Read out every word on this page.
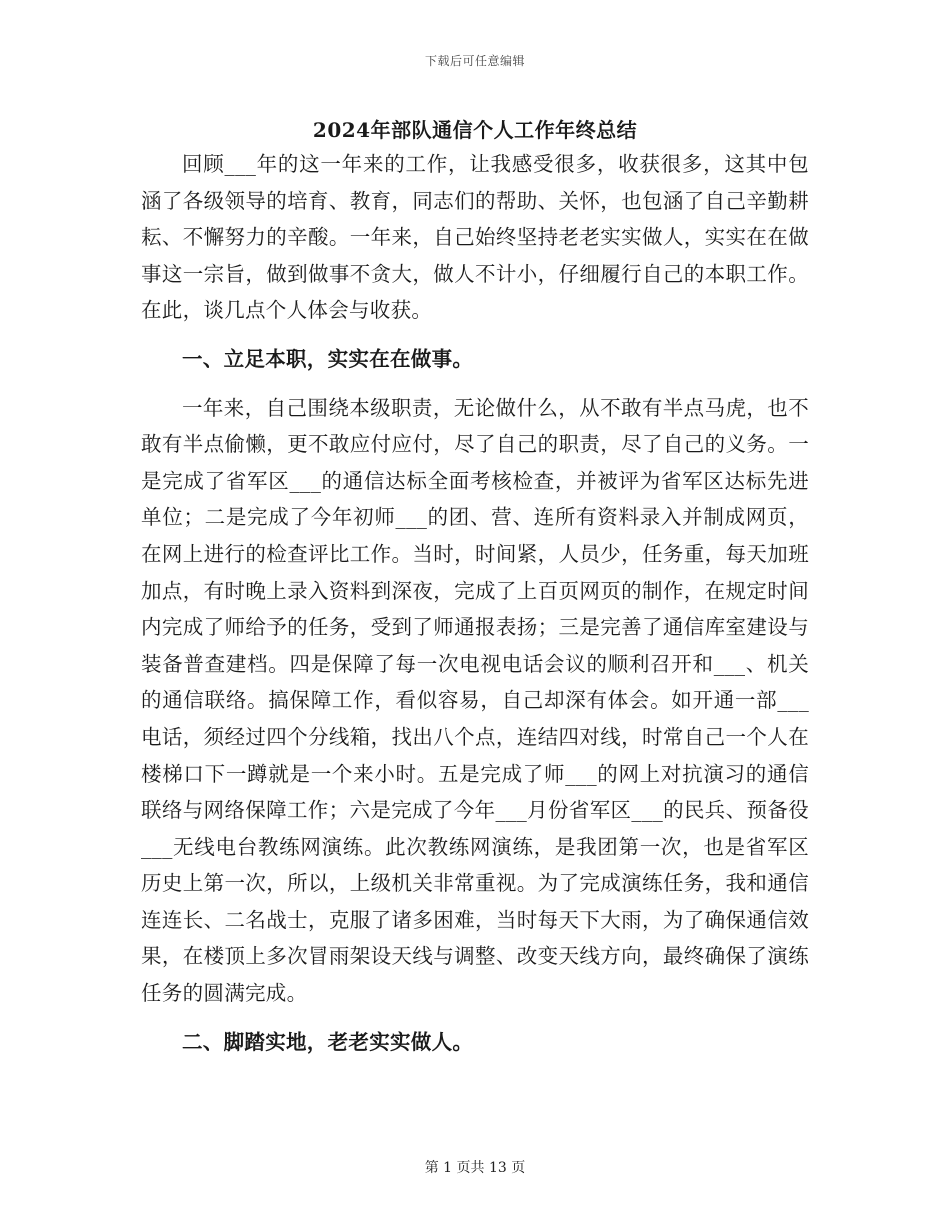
下载后可任意编辑
2024年部队通信个人工作年终总结

回顾___年的这一年来的工作，让我感受很多，收获很多，这其中包涵了各级领导的培育、教育，同志们的帮助、关怀，也包涵了自己辛勤耕耘、不懈努力的辛酸。一年来，自己始终坚持老老实实做人，实实在在做事这一宗旨，做到做事不贪大，做人不计小，仔细履行自己的本职工作。在此，谈几点个人体会与收获。

一、立足本职，实实在在做事。

一年来，自己围绕本级职责，无论做什么，从不敢有半点马虎，也不敢有半点偷懒，更不敢应付应付，尽了自己的职责，尽了自己的义务。一是完成了省军区___的通信达标全面考核检查，并被评为省军区达标先进单位；二是完成了今年初师___的团、营、连所有资料录入并制成网页，在网上进行的检查评比工作。当时，时间紧，人员少，任务重，每天加班加点，有时晚上录入资料到深夜，完成了上百页网页的制作，在规定时间内完成了师给予的任务，受到了师通报表扬；三是完善了通信库室建设与装备普查建档。四是保障了每一次电视电话会议的顺利召开和___、机关的通信联络。搞保障工作，看似容易，自己却深有体会。如开通一部___电话，须经过四个分线箱，找出八个点，连结四对线，时常自己一个人在楼梯口下一蹲就是一个来小时。五是完成了师___的网上对抗演习的通信联络与网络保障工作；六是完成了今年___月份省军区___的民兵、预备役___无线电台教练网演练。此次教练网演练，是我团第一次，也是省军区历史上第一次，所以，上级机关非常重视。为了完成演练任务，我和通信连连长、二名战士，克服了诸多困难，当时每天下大雨，为了确保通信效果，在楼顶上多次冒雨架设天线与调整、改变天线方向，最终确保了演练任务的圆满完成。

二、脚踏实地，老老实实做人。

第 1 页共 13 页
